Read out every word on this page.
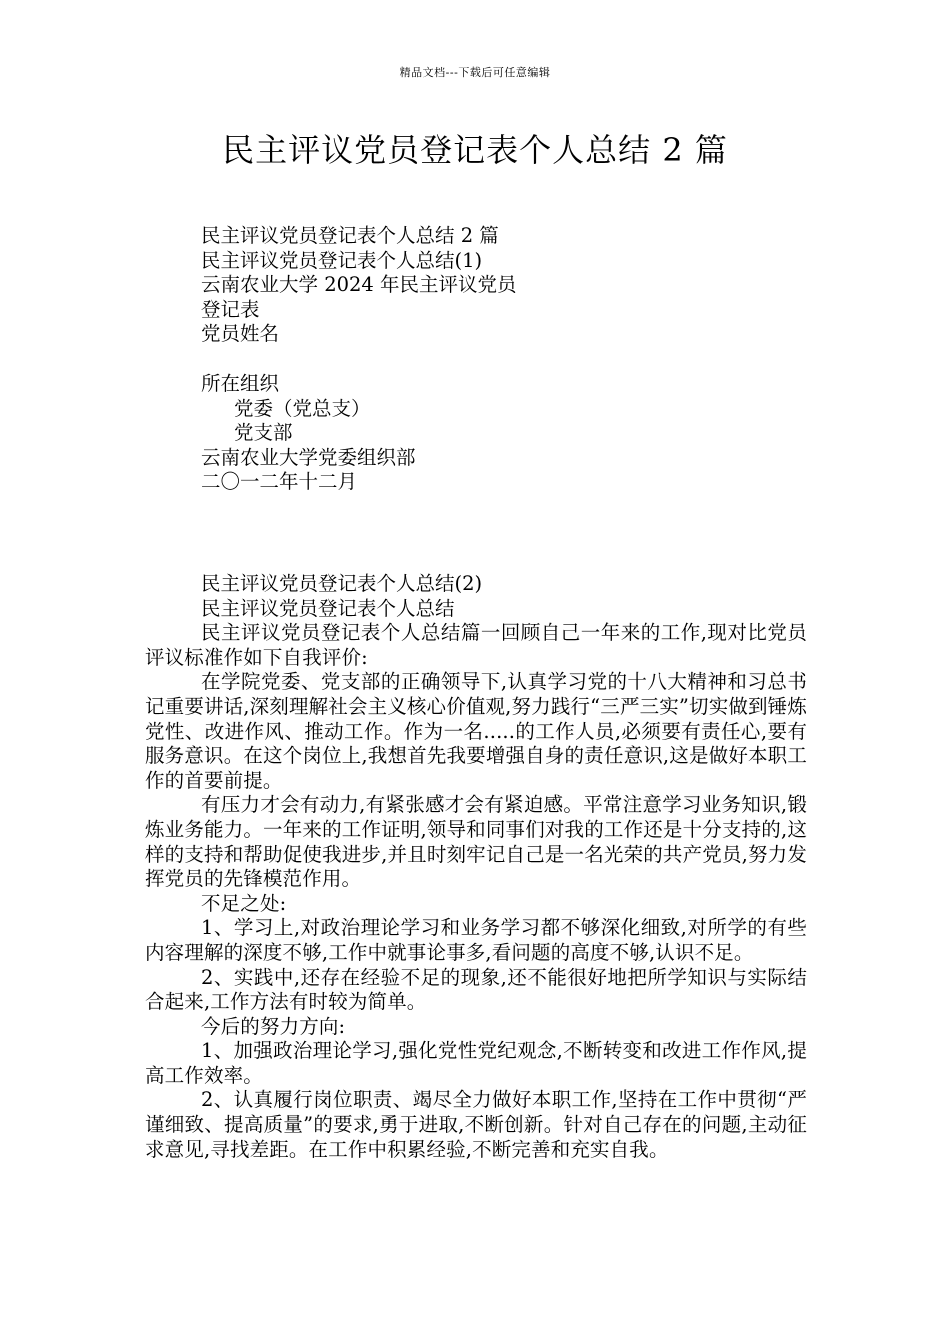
精品文档---下载后可任意编辑
民主评议党员登记表个人总结 2 篇
民主评议党员登记表个人总结 2 篇
民主评议党员登记表个人总结(1)
云南农业大学 2024 年民主评议党员
登记表
党员姓名
所在组织
党委（党总支）
党支部
云南农业大学党委组织部
二〇一二年十二月
民主评议党员登记表个人总结(2)
民主评议党员登记表个人总结

民主评议党员登记表个人总结篇一回顾自己一年来的工作,现对比党员评议标准作如下自我评价:

在学院党委、党支部的正确领导下,认真学习党的十八大精神和习总书记重要讲话,深刻理解社会主义核心价值观,努力践行“三严三实”切实做到锤炼党性、改进作风、推动工作。作为一名.....的工作人员,必须要有责任心,要有服务意识。在这个岗位上,我想首先我要增强自身的责任意识,这是做好本职工作的首要前提。

有压力才会有动力,有紧张感才会有紧迫感。平常注意学习业务知识,锻炼业务能力。一年来的工作证明,领导和同事们对我的工作还是十分支持的,这样的支持和帮助促使我进步,并且时刻牢记自己是一名光荣的共产党员,努力发挥党员的先锋模范作用。

不足之处:

1、学习上,对政治理论学习和业务学习都不够深化细致,对所学的有些内容理解的深度不够,工作中就事论事多,看问题的高度不够,认识不足。

2、实践中,还存在经验不足的现象,还不能很好地把所学知识与实际结合起来,工作方法有时较为简单。

今后的努力方向:

1、加强政治理论学习,强化党性党纪观念,不断转变和改进工作作风,提高工作效率。

2、认真履行岗位职责、竭尽全力做好本职工作,坚持在工作中贯彻“严谨细致、提高质量”的要求,勇于进取,不断创新。针对自己存在的问题,主动征求意见,寻找差距。在工作中积累经验,不断完善和充实自我。
